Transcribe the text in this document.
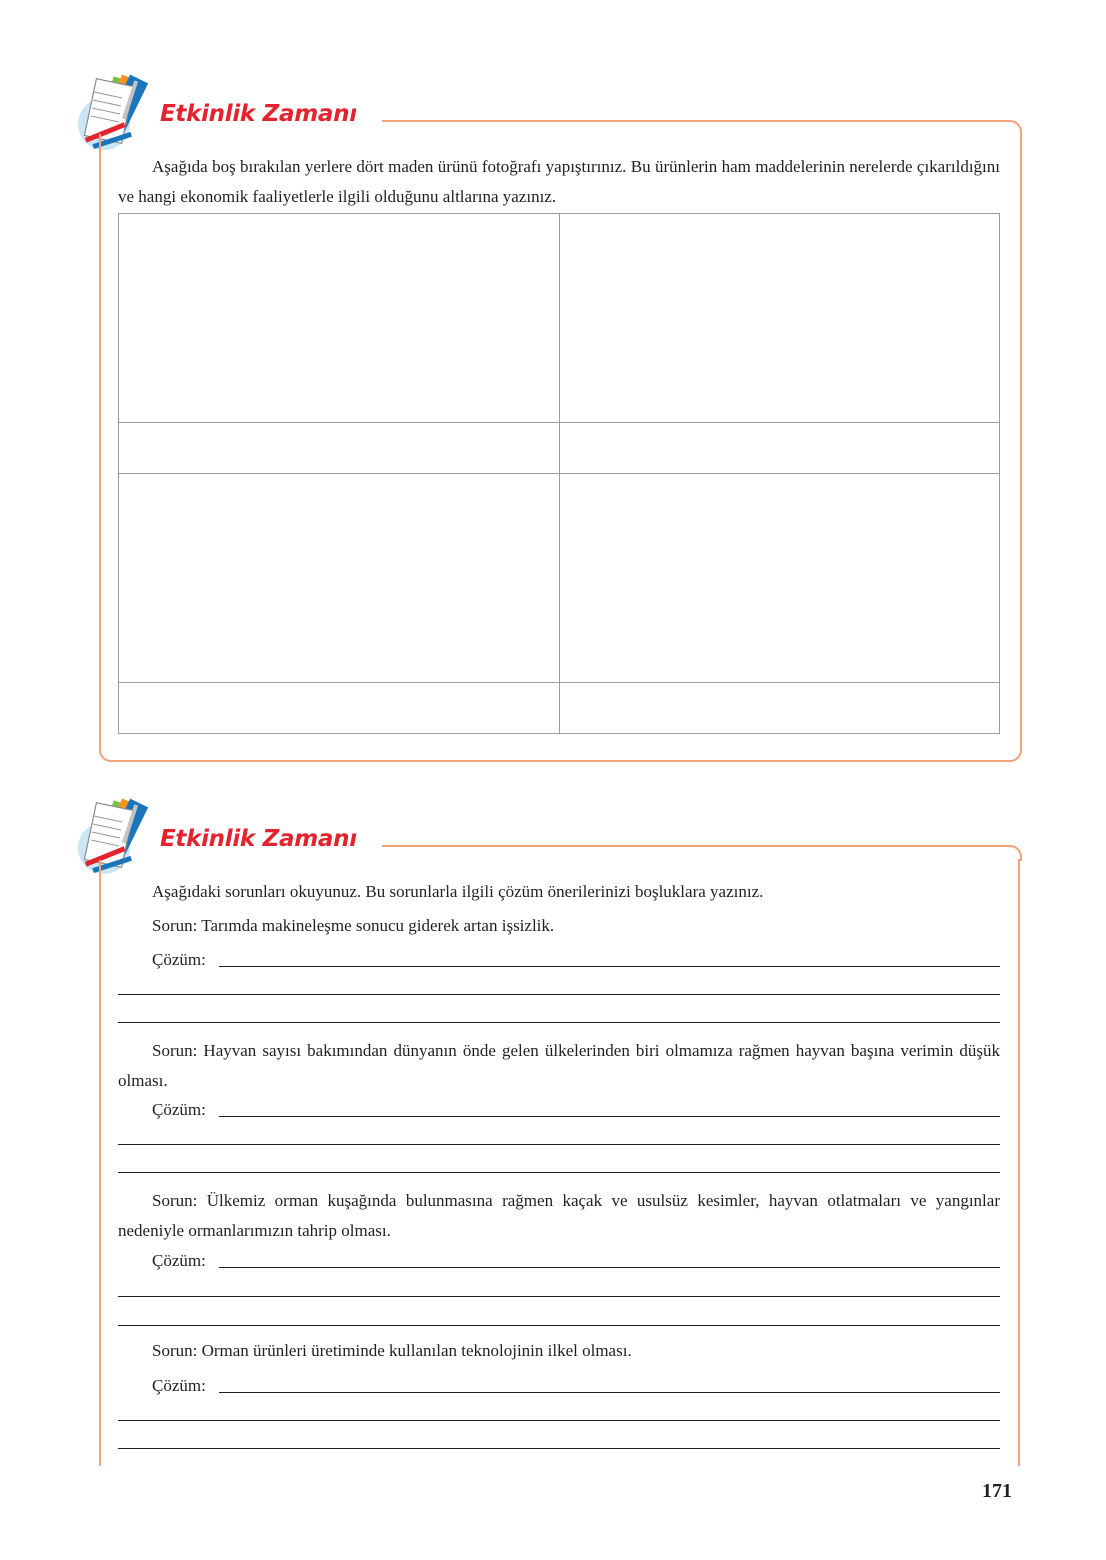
Etkinlik Zamanı
Aşağıda boş bırakılan yerlere dört maden ürünü fotoğrafı yapıştırınız. Bu ürünlerin ham maddelerinin nerelerde çıkarıldığını ve hangi ekonomik faaliyetlerle ilgili olduğunu altlarına yazınız.

Etkinlik Zamanı
Aşağıdaki sorunları okuyunuz. Bu sorunlarla ilgili çözüm önerilerinizi boşluklara yazınız.
Sorun: Tarımda makineleşme sonucu giderek artan işsizlik.
Çözüm:
Sorun: Hayvan sayısı bakımından dünyanın önde gelen ülkelerinden biri olmamıza rağmen hayvan başına verimin düşük olması.
Çözüm:
Sorun: Ülkemiz orman kuşağında bulunmasına rağmen kaçak ve usulsüz kesimler, hayvan otlatmaları ve yangınlar nedeniyle ormanlarımızın tahrip olması.
Çözüm:
Sorun: Orman ürünleri üretiminde kullanılan teknolojinin ilkel olması.
Çözüm:
171
